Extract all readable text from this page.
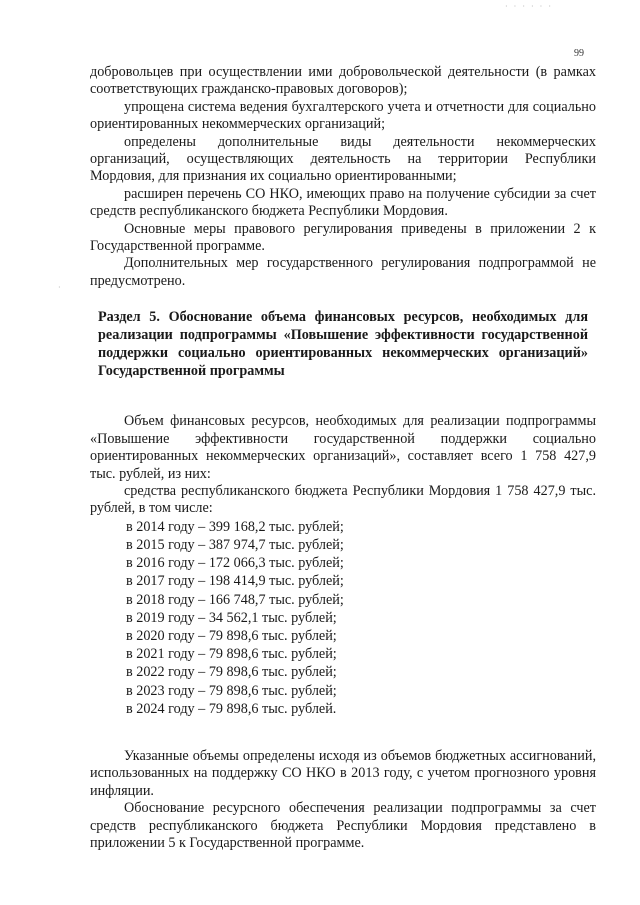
· · · · · ·
99
·

добровольцев при осуществлении ими добровольческой деятельности (в рамках соответствующих гражданско-правовых договоров);

упрощена система ведения бухгалтерского учета и отчетности для социально ориентированных некоммерческих организаций;

определены дополнительные виды деятельности некоммерческих организаций, осуществляющих деятельность на территории Республики Мордовия, для признания их социально ориентированными;

расширен перечень СО НКО, имеющих право на получение субсидии за счет средств республиканского бюджета Республики Мордовия.

Основные меры правового регулирования приведены в приложении 2 к Государственной программе.

Дополнительных мер государственного регулирования подпрограммой не предусмотрено.

Раздел 5. Обоснование объема финансовых ресурсов, необходимых для реализации подпрограммы «Повышение эффективности государственной поддержки социально ориентированных некоммерческих организаций» Государственной программы

Объем финансовых ресурсов, необходимых для реализации подпрограммы «Повышение эффективности государственной поддержки социально ориентированных некоммерческих организаций», составляет всего 1 758 427,9 тыс. рублей, из них:

средства республиканского бюджета Республики Мордовия 1 758 427,9 тыс. рублей, в том числе:

в 2014 году – 399 168,2 тыс. рублей;
в 2015 году – 387 974,7 тыс. рублей;
в 2016 году – 172 066,3 тыс. рублей;
в 2017 году – 198 414,9 тыс. рублей;
в 2018 году – 166 748,7 тыс. рублей;
в 2019 году – 34 562,1 тыс. рублей;
в 2020 году – 79 898,6 тыс. рублей;
в 2021 году – 79 898,6 тыс. рублей;
в 2022 году – 79 898,6 тыс. рублей;
в 2023 году – 79 898,6 тыс. рублей;
в 2024 году – 79 898,6 тыс. рублей.

Указанные объемы определены исходя из объемов бюджетных ассигнований, использованных на поддержку СО НКО в 2013 году, с учетом прогнозного уровня инфляции.

Обоснование ресурсного обеспечения реализации подпрограммы за счет средств республиканского бюджета Республики Мордовия представлено в приложении 5 к Государственной программе.
